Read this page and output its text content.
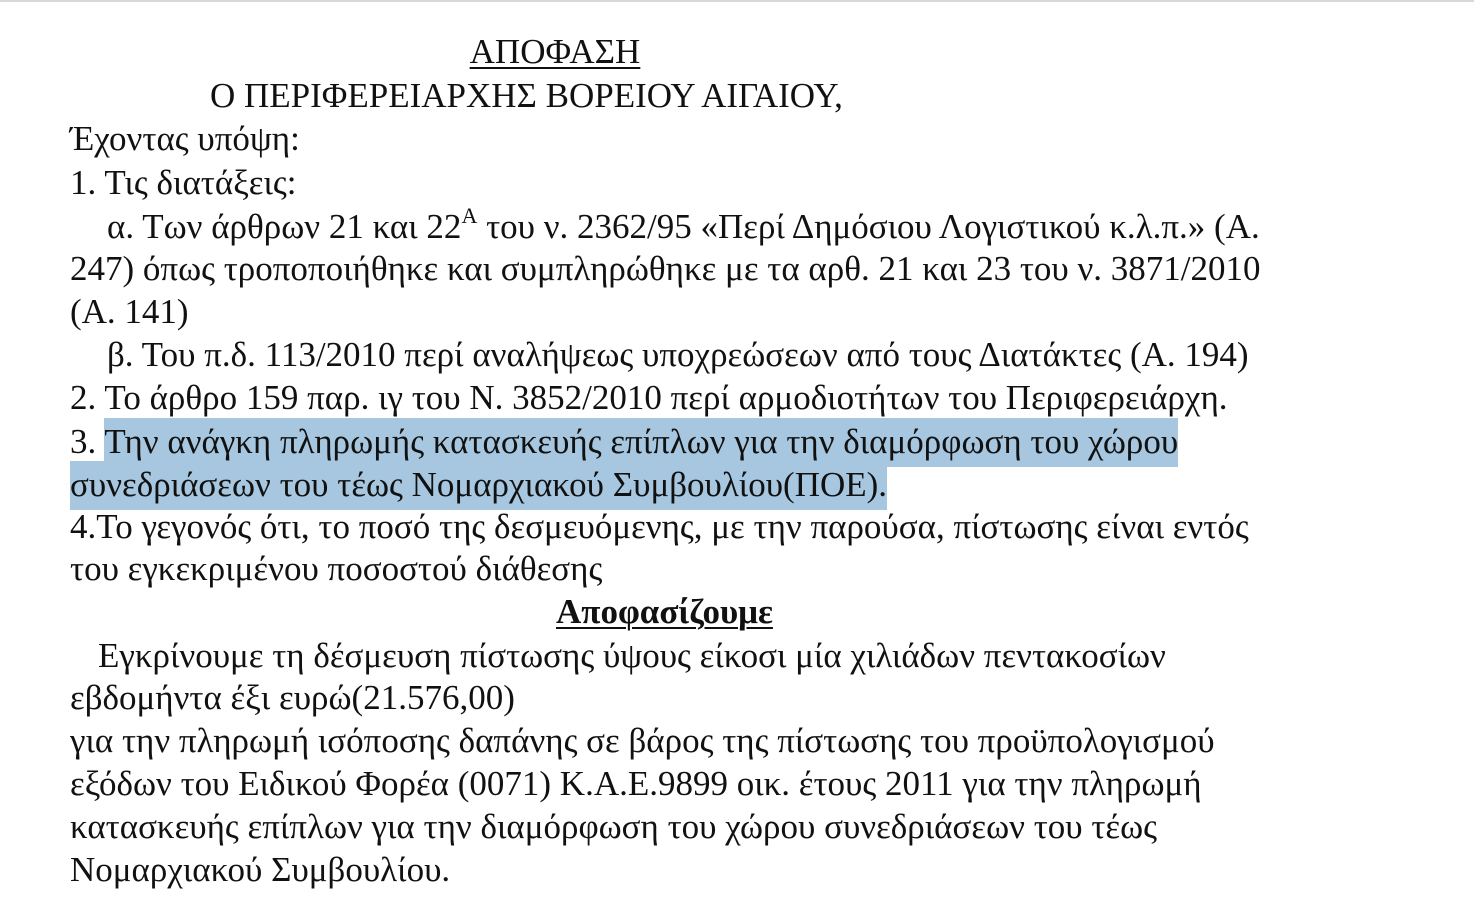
ΑΠΟΦΑΣΗ
Ο ΠΕΡΙΦΕΡΕΙΑΡΧΗΣ ΒΟΡΕΙΟΥ ΑΙΓΑΙΟΥ,
Έχοντας υπόψη:
1. Τις διατάξεις:
α. Των άρθρων 21 και $22^A$ του ν. 2362/95 «Περί Δημόσιου Λογιστικού κ.λ.π.» (Α.
247) όπως τροποποιήθηκε και συμπληρώθηκε με τα αρθ. 21 και 23 του ν. 3871/2010
(Α. 141)
β. Του π.δ. 113/2010 περί αναλήψεως υποχρεώσεων από τους Διατάκτες (Α. 194)
2. Το άρθρο 159 παρ. ιγ του Ν. 3852/2010 περί αρμοδιοτήτων του Περιφερειάρχη.
3. Την ανάγκη πληρωμής κατασκευής επίπλων για την διαμόρφωση του χώρου
συνεδριάσεων του τέως Νομαρχιακού Συμβουλίου(ΠΟΕ).
4.Το γεγονός ότι, το ποσό της δεσμευόμενης, με την παρούσα, πίστωσης είναι εντός
του εγκεκριμένου ποσοστού διάθεσης
Αποφασίζουμε
Εγκρίνουμε τη δέσμευση πίστωσης ύψους είκοσι μία χιλιάδων πεντακοσίων
εβδομήντα έξι ευρώ(21.576,00)
για την πληρωμή ισόποσης δαπάνης σε βάρος της πίστωσης του προϋπολογισμού
εξόδων του Ειδικού Φορέα (0071) Κ.Α.Ε.9899 οικ. έτους 2011 για την πληρωμή
κατασκευής επίπλων για την διαμόρφωση του χώρου συνεδριάσεων του τέως
Νομαρχιακού Συμβουλίου.
